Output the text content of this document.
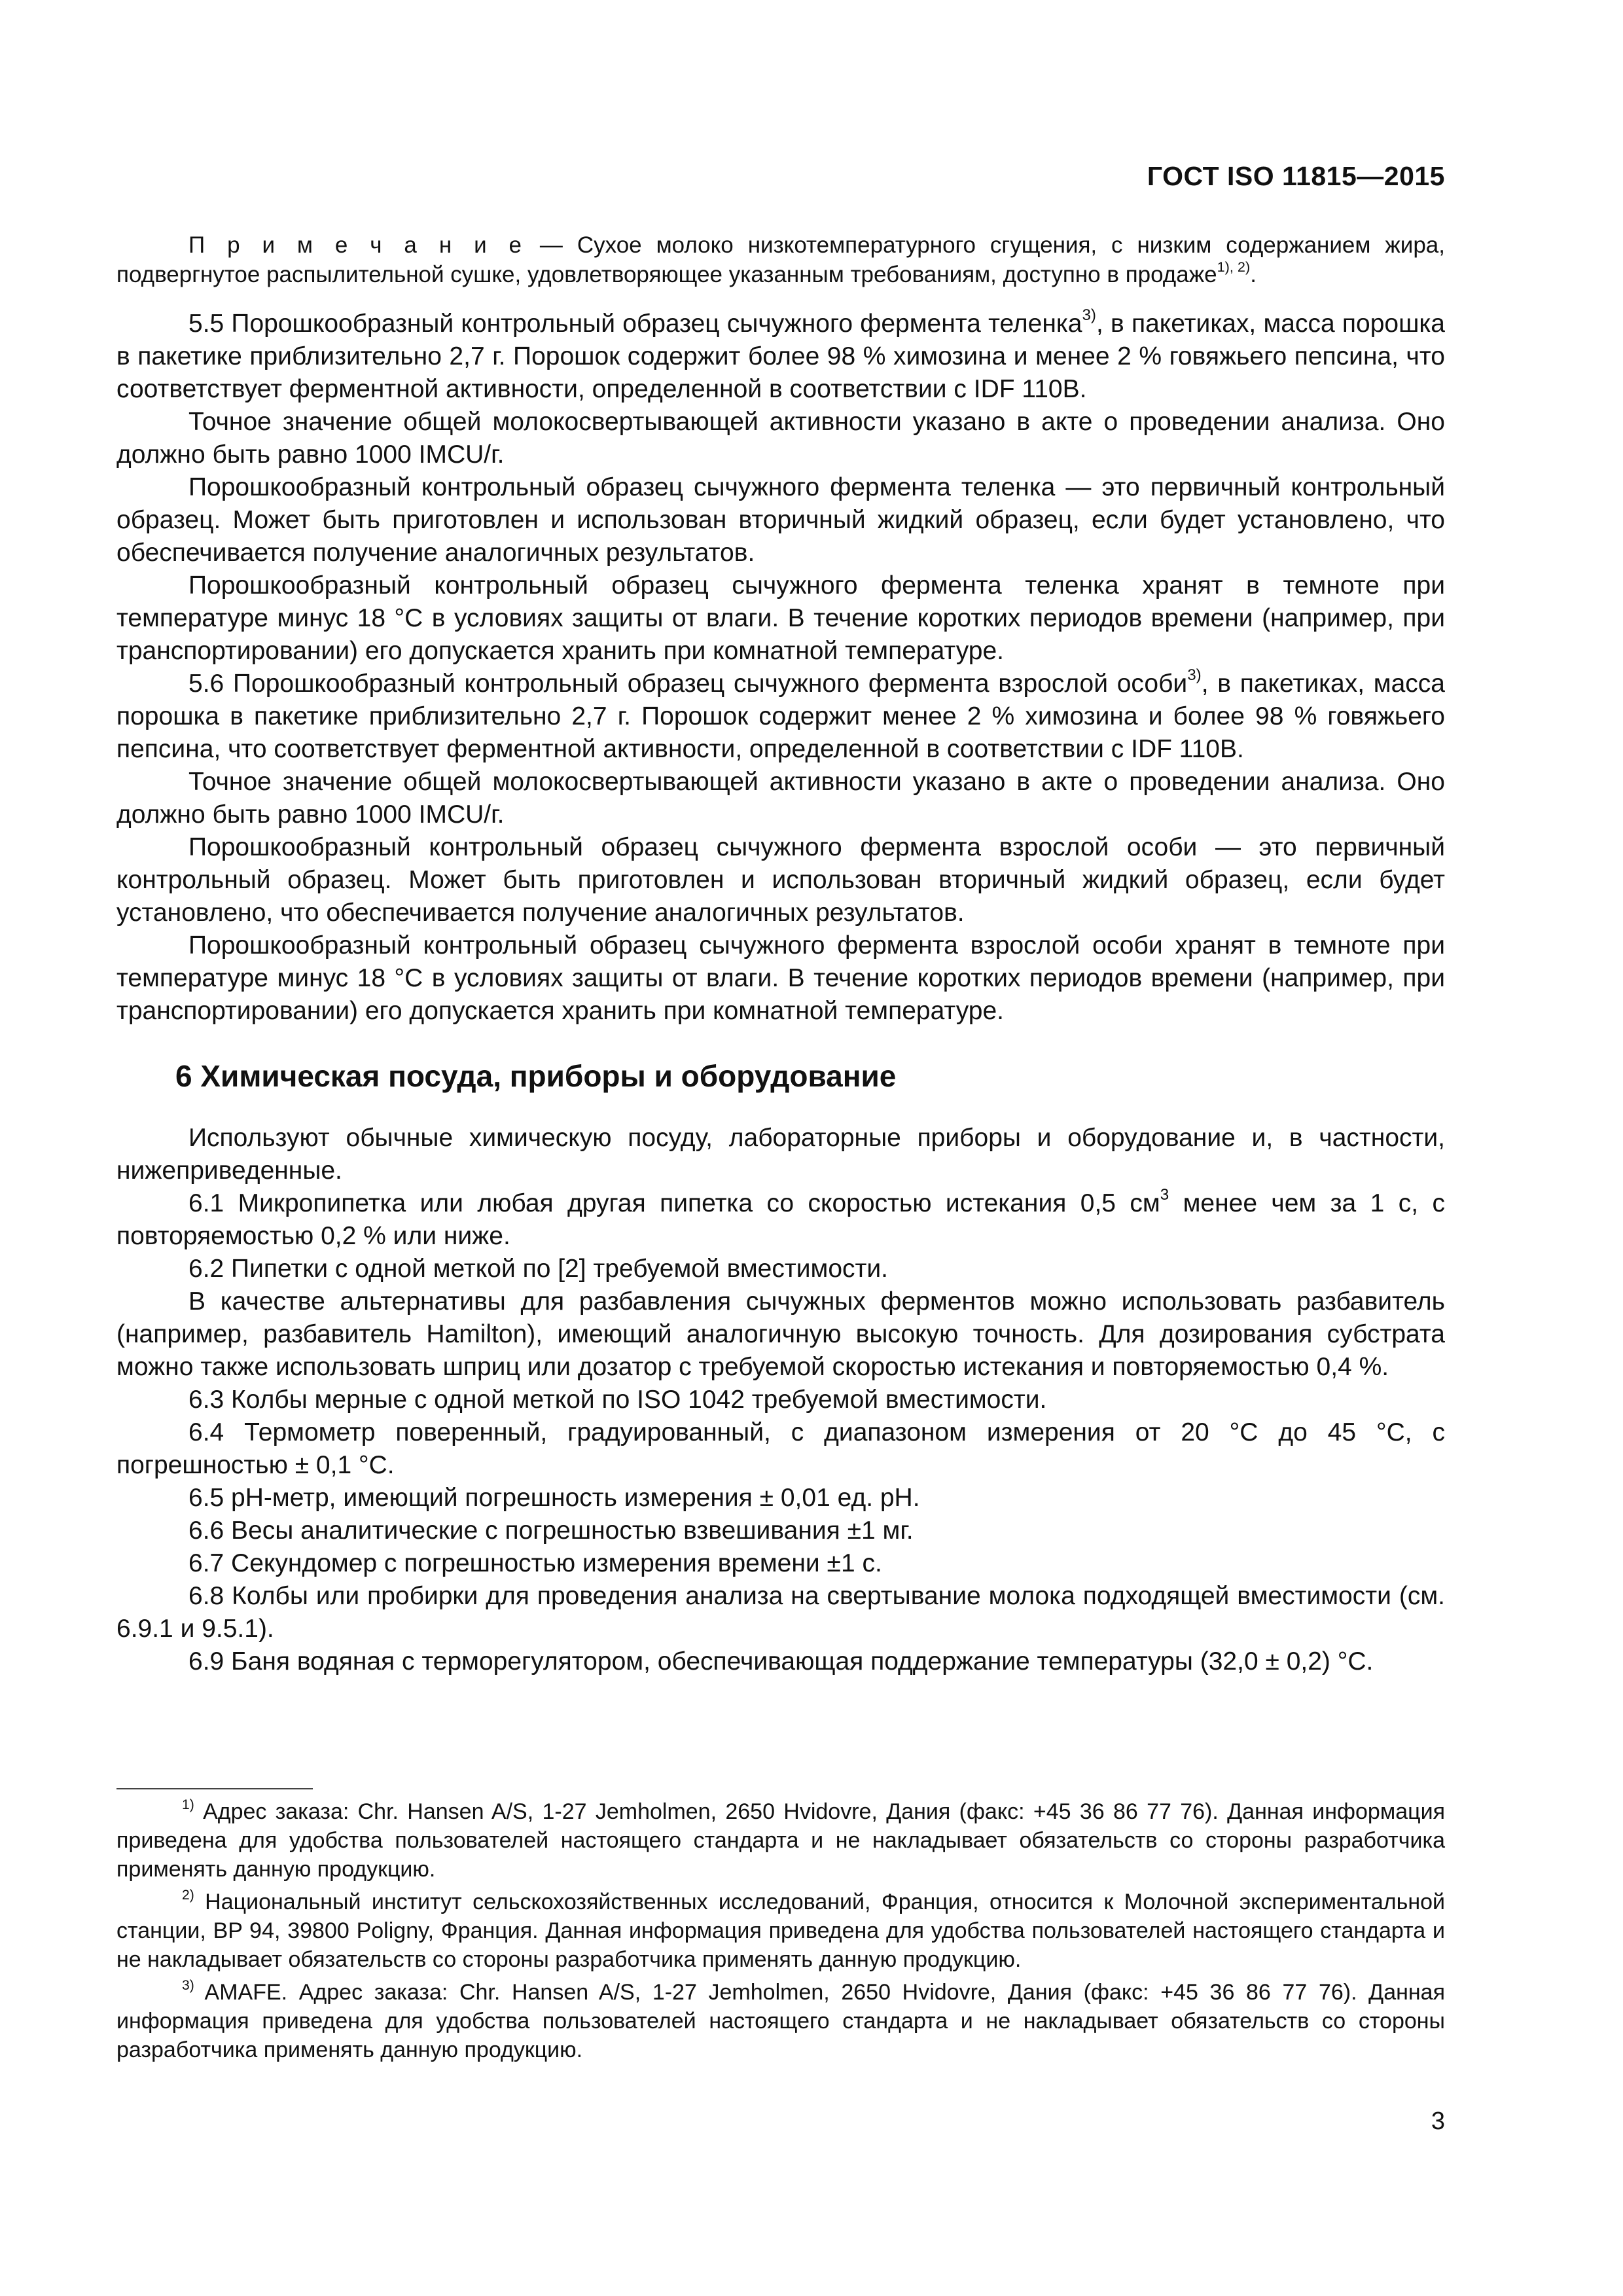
ГОСТ ISO 11815—2015

П р и м е ч а н и е — Сухое молоко низкотемпературного сгущения, с низким содержанием жира, подвергнутое распылительной сушке, удовлетворяющее указанным требованиям, доступно в продаже$^{1), 2)}$.

5.5 Порошкообразный контрольный образец сычужного фермента теленка$^{3)}$, в пакетиках, масса порошка в пакетике приблизительно 2,7 г. Порошок содержит более 98 % химозина и менее 2 % говяжьего пепсина, что соответствует ферментной активности, определенной в соответствии с IDF 110B.

Точное значение общей молокосвертывающей активности указано в акте о проведении анализа. Оно должно быть равно 1000 IMCU/г.

Порошкообразный контрольный образец сычужного фермента теленка — это первичный контрольный образец. Может быть приготовлен и использован вторичный жидкий образец, если будет установлено, что обеспечивается получение аналогичных результатов.

Порошкообразный контрольный образец сычужного фермента теленка хранят в темноте при температуре минус 18 °С в условиях защиты от влаги. В течение коротких периодов времени (например, при транспортировании) его допускается хранить при комнатной температуре.

5.6 Порошкообразный контрольный образец сычужного фермента взрослой особи$^{3)}$, в пакетиках, масса порошка в пакетике приблизительно 2,7 г. Порошок содержит менее 2 % химозина и более 98 % говяжьего пепсина, что соответствует ферментной активности, определенной в соответствии с IDF 110B.

Точное значение общей молокосвертывающей активности указано в акте о проведении анализа. Оно должно быть равно 1000 IMCU/г.

Порошкообразный контрольный образец сычужного фермента взрослой особи — это первичный контрольный образец. Может быть приготовлен и использован вторичный жидкий образец, если будет установлено, что обеспечивается получение аналогичных результатов.

Порошкообразный контрольный образец сычужного фермента взрослой особи хранят в темноте при температуре минус 18 °С в условиях защиты от влаги. В течение коротких периодов времени (например, при транспортировании) его допускается хранить при комнатной температуре.

6 Химическая посуда, приборы и оборудование

Используют обычные химическую посуду, лабораторные приборы и оборудование и, в частности, нижеприведенные.

6.1 Микропипетка или любая другая пипетка со скоростью истекания 0,5 $см^3$ менее чем за 1 с, с повторяемостью 0,2 % или ниже.

6.2 Пипетки с одной меткой по [2] требуемой вместимости.

В качестве альтернативы для разбавления сычужных ферментов можно использовать разбавитель (например, разбавитель Hamilton), имеющий аналогичную высокую точность. Для дозирования субстрата можно также использовать шприц или дозатор с требуемой скоростью истекания и повторяемостью 0,4 %.

6.3 Колбы мерные с одной меткой по ISO 1042 требуемой вместимости.

6.4 Термометр поверенный, градуированный, с диапазоном измерения от 20 °С до 45 °С, с погрешностью ± 0,1 °С.

6.5 pH-метр, имеющий погрешность измерения ± 0,01 ед. pH.

6.6 Весы аналитические с погрешностью взвешивания ±1 мг.

6.7 Секундомер с погрешностью измерения времени ±1 с.

6.8 Колбы или пробирки для проведения анализа на свертывание молока подходящей вместимости (см. 6.9.1 и 9.5.1).

6.9 Баня водяная с терморегулятором, обеспечивающая поддержание температуры (32,0 ± 0,2) °С.

$^{1)}$ Адрес заказа: Chr. Hansen A/S, 1-27 Jemholmen, 2650 Hvidovre, Дания (факс: +45 36 86 77 76). Данная информация приведена для удобства пользователей настоящего стандарта и не накладывает обязательств со стороны разработчика применять данную продукцию.

$^{2)}$ Национальный институт сельскохозяйственных исследований, Франция, относится к Молочной экспериментальной станции, BP 94, 39800 Poligny, Франция. Данная информация приведена для удобства пользователей настоящего стандарта и не накладывает обязательств со стороны разработчика применять данную продукцию.

$^{3)}$ AMAFE. Адрес заказа: Chr. Hansen A/S, 1-27 Jemholmen, 2650 Hvidovre, Дания (факс: +45 36 86 77 76). Данная информация приведена для удобства пользователей настоящего стандарта и не накладывает обязательств со стороны разработчика применять данную продукцию.

3
